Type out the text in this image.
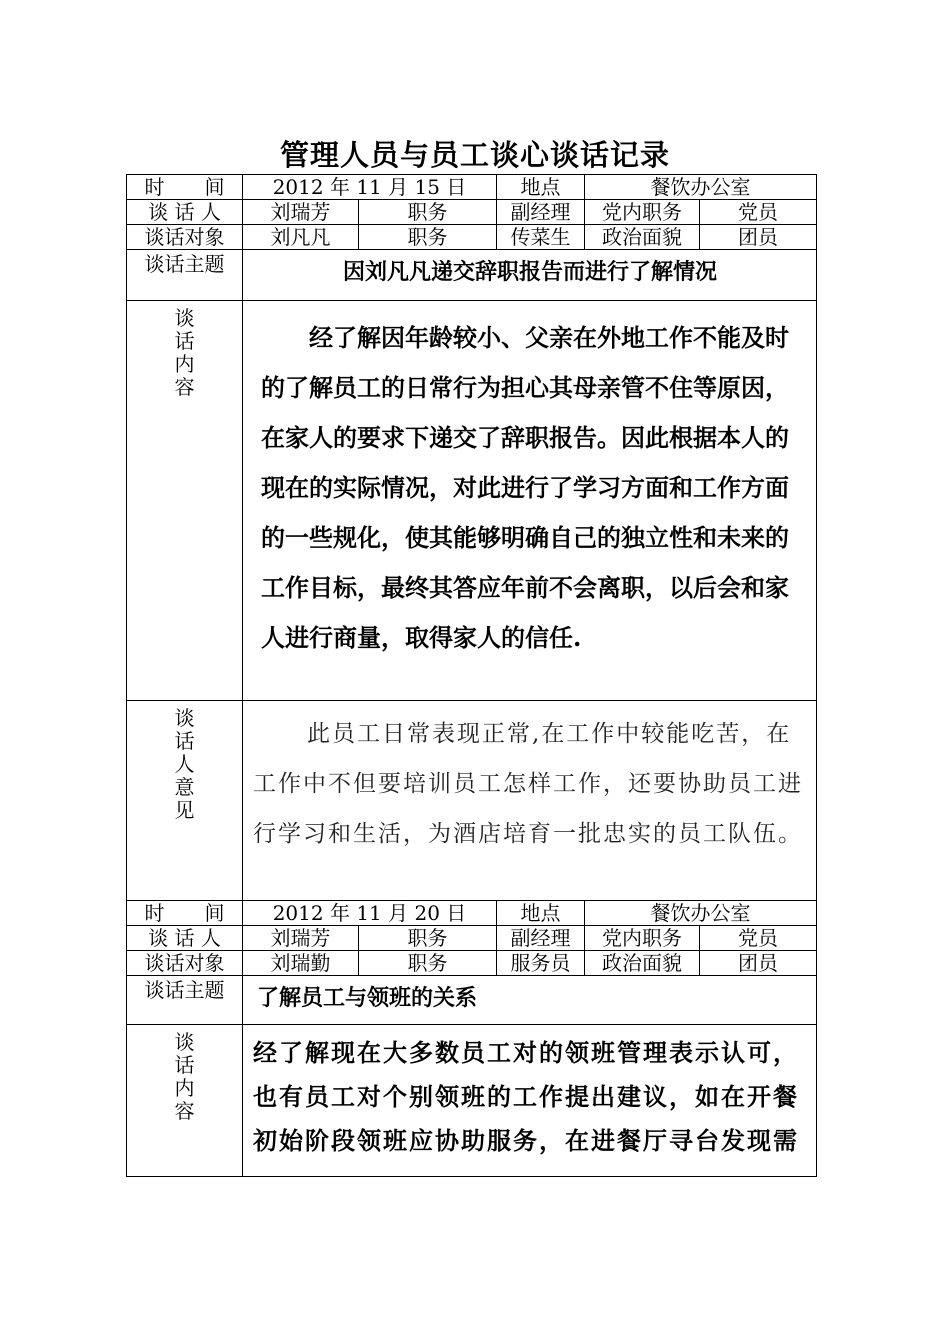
管理人员与员工谈心谈话记录
时　　间	2012 年 11 月 15 日		地点	餐饮办公室	
谈 话 人	刘瑞芳	职务	副经理	党内职务	党员
谈话对象	刘凡凡	职务	传菜生	政治面貌	团员

谈话主题	因刘凡凡递交辞职报告而进行了解情况				

谈话内容	经了解因年龄较小、父亲在外地工作不能及时的了解员工的日常行为担心其母亲管不住等原因，在家人的要求下递交了辞职报告。因此根据本人的现在的实际情况，对此进行了学习方面和工作方面的一些规化，使其能够明确自己的独立性和未来的工作目标，最终其答应年前不会离职，以后会和家人进行商量，取得家人的信任.				

谈话人意见	此员工日常表现正常,在工作中较能吃苦，在工作中不但要培训员工怎样工作，还要协助员工进行学习和生活，为酒店培育一批忠实的员工队伍。				

时　　间	2012 年 11 月 20 日		地点	餐饮办公室	
谈 话 人	刘瑞芳	职务	副经理	党内职务	党员
谈话对象	刘瑞勤	职务	服务员	政治面貌	团员

谈话主题	了解员工与领班的关系				

谈话内容	经了解现在大多数员工对的领班管理表示认可，也有员工对个别领班的工作提出建议，如在开餐初始阶段领班应协助服务，在进餐厅寻台发现需				
